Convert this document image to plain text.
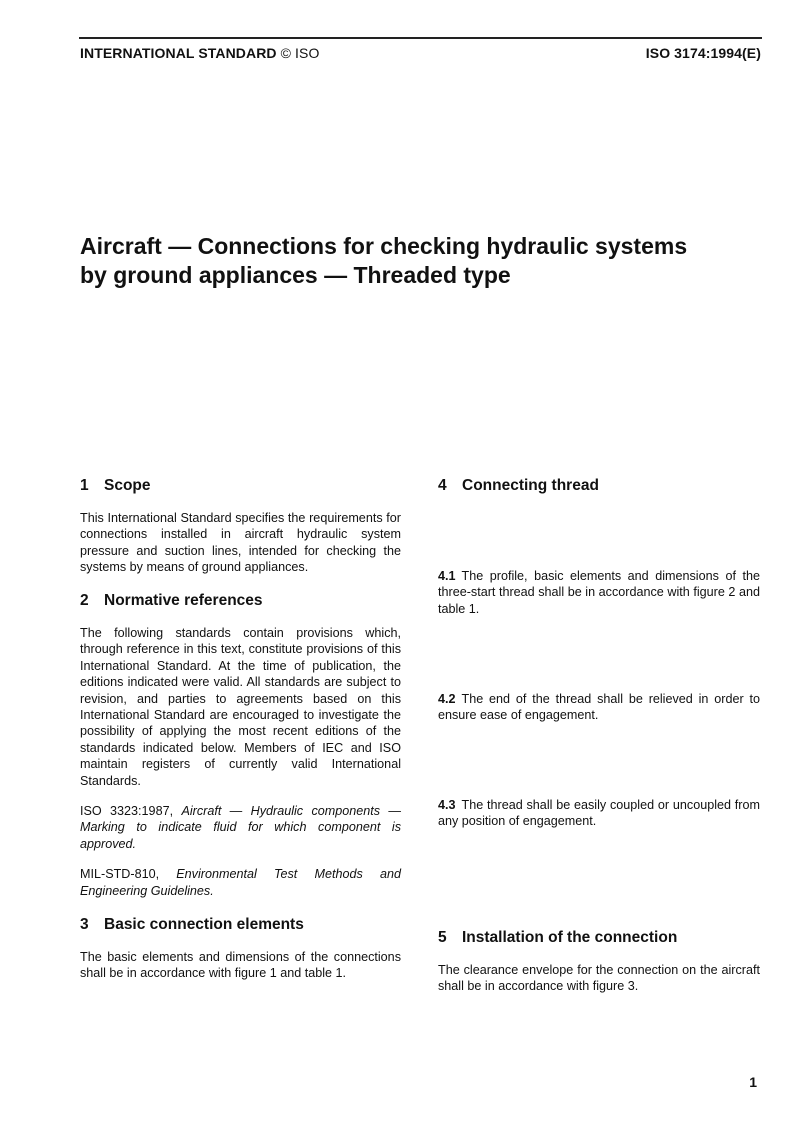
INTERNATIONAL STANDARD © ISO	ISO 3174:1994(E)
Aircraft — Connections for checking hydraulic systems
by ground appliances — Threaded type
1 Scope

This International Standard specifies the requirements for connections installed in aircraft hydraulic system pressure and suction lines, intended for checking the systems by means of ground appliances.

2 Normative references

The following standards contain provisions which, through reference in this text, constitute provisions of this International Standard. At the time of publication, the editions indicated were valid. All standards are subject to revision, and parties to agreements based on this International Standard are encouraged to investigate the possibility of applying the most recent editions of the standards indicated below. Members of IEC and ISO maintain registers of currently valid International Standards.

ISO 3323:1987, Aircraft — Hydraulic components — Marking to indicate fluid for which component is approved.

MIL-STD-810, Environmental Test Methods and Engineering Guidelines.

3 Basic connection elements

The basic elements and dimensions of the connections shall be in accordance with figure 1 and table 1.

4 Connecting thread

4.1 The profile, basic elements and dimensions of the three-start thread shall be in accordance with figure 2 and table 1.

4.2 The end of the thread shall be relieved in order to ensure ease of engagement.

4.3 The thread shall be easily coupled or uncoupled from any position of engagement.

5 Installation of the connection

The clearance envelope for the connection on the aircraft shall be in accordance with figure 3.

1
